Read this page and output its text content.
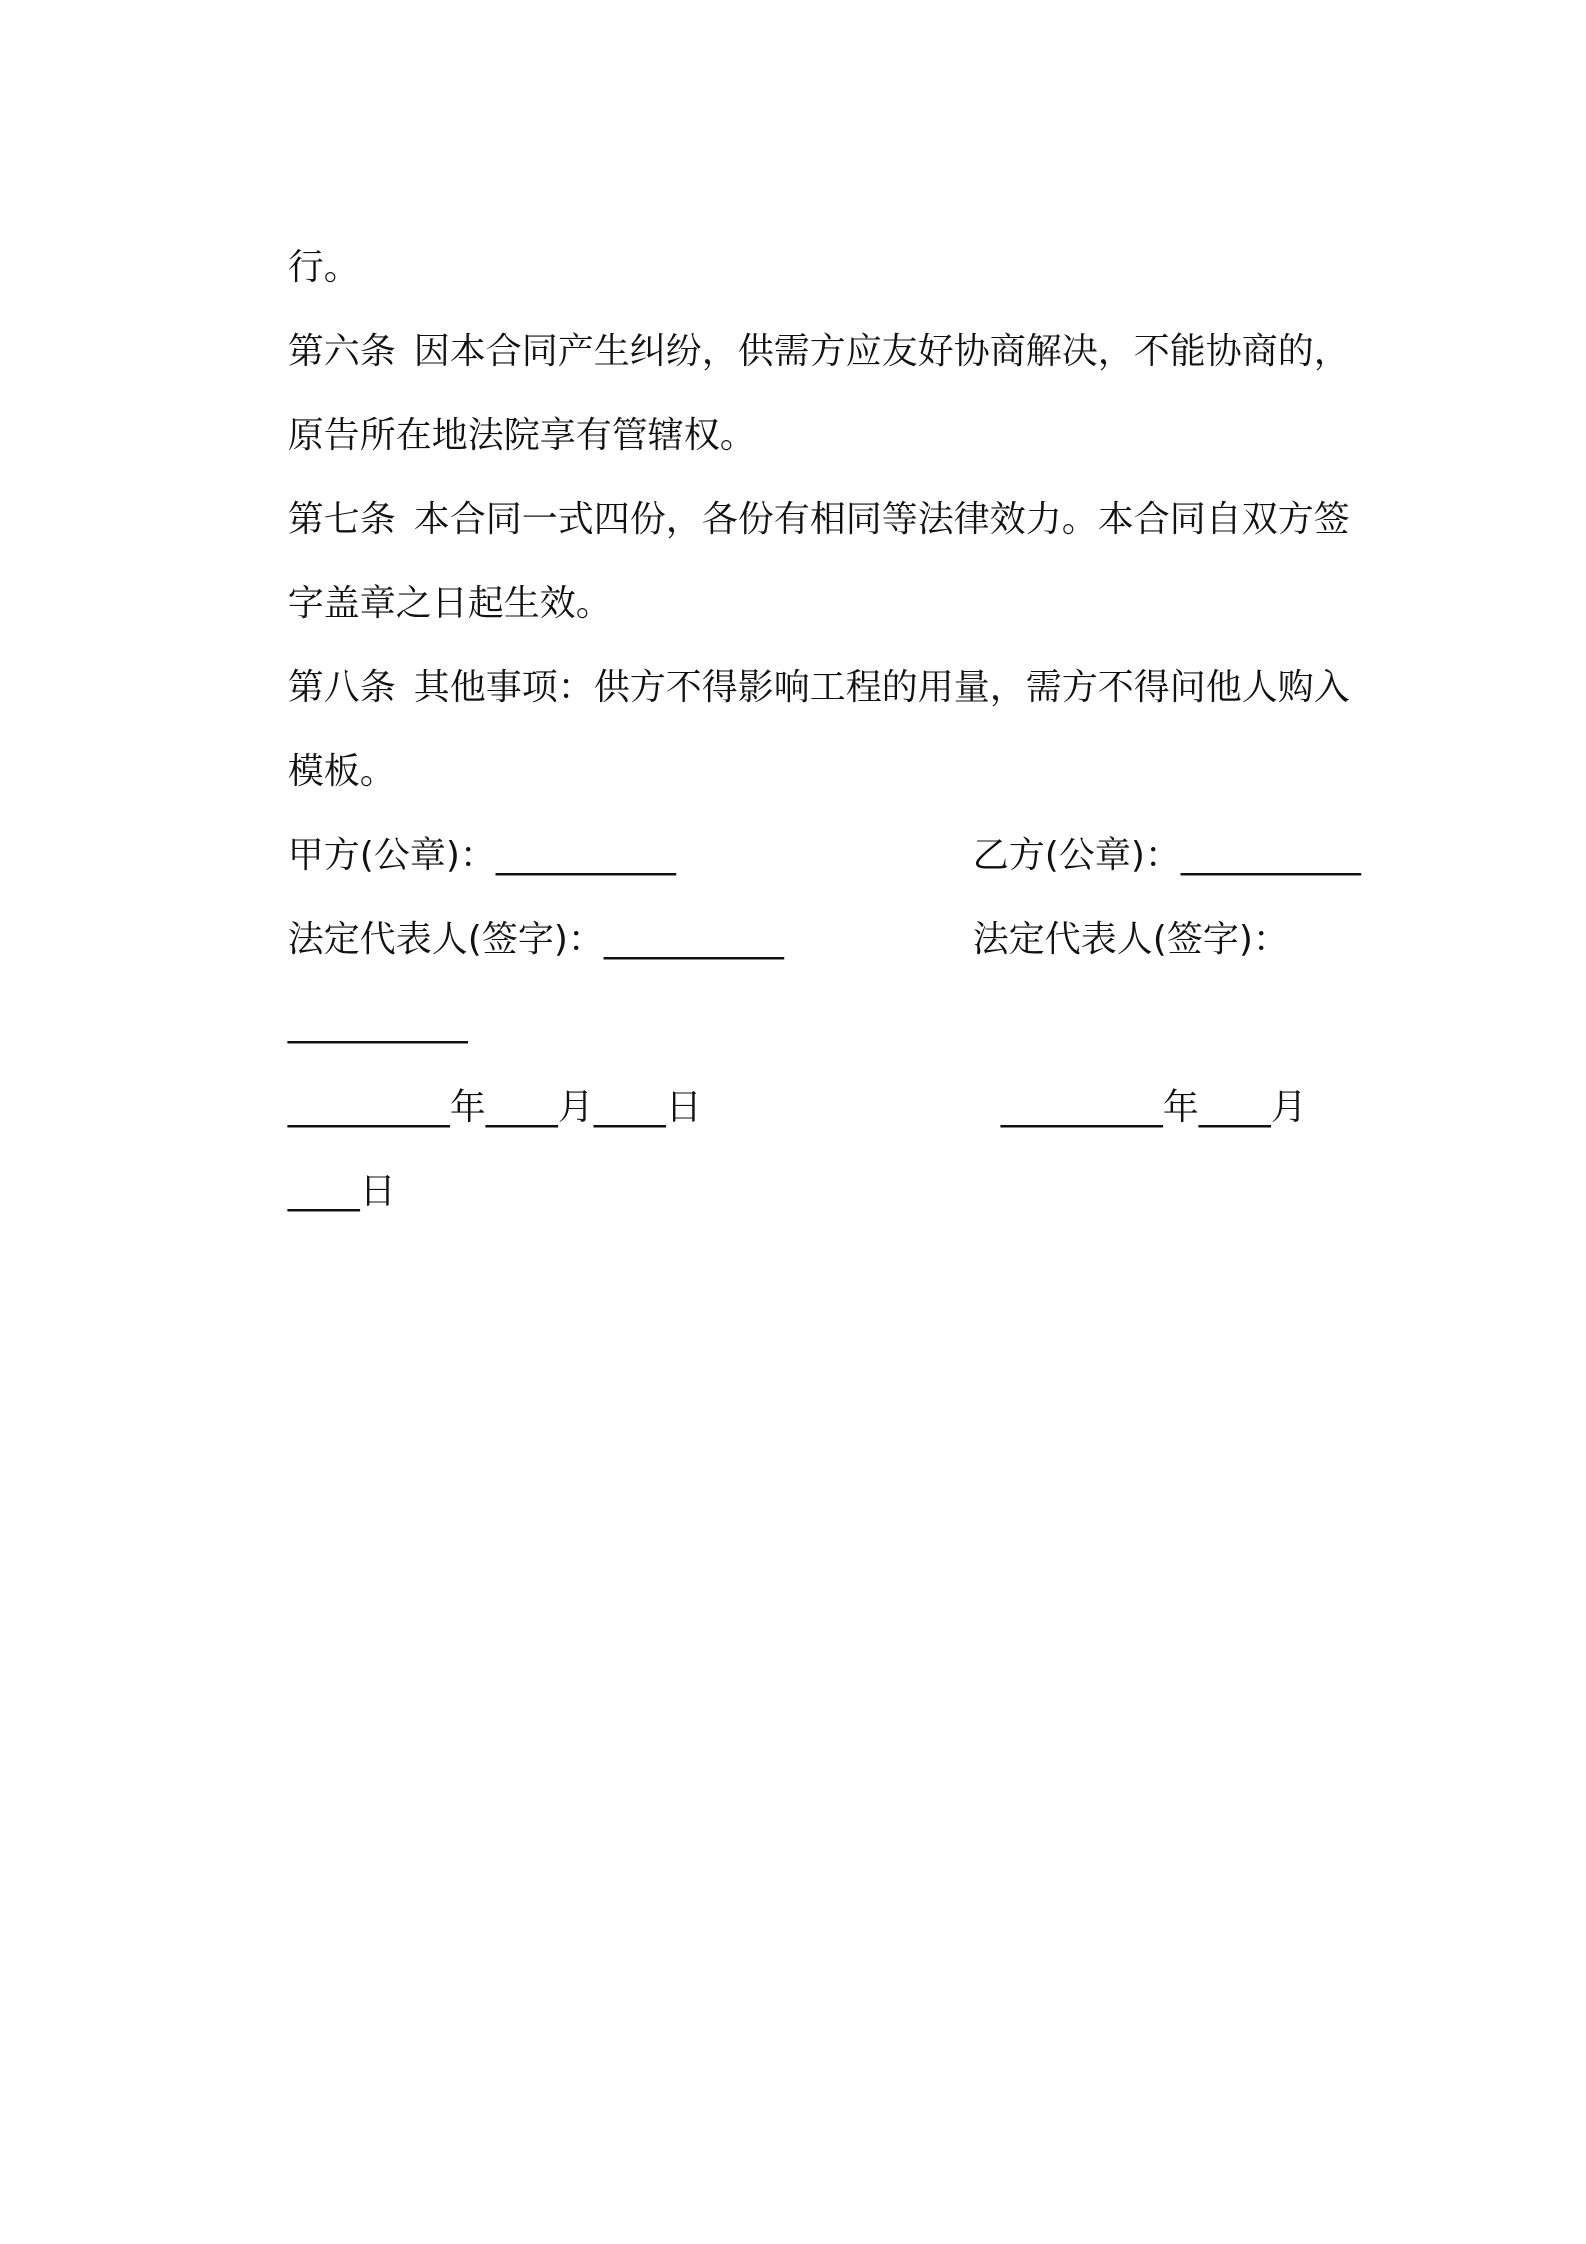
行。

第六条 因本合同产生纠纷，供需方应友好协商解决，不能协商的，

原告所在地法院享有管辖权。

第七条 本合同一式四份，各份有相同等法律效力。本合同自双方签

字盖章之日起生效。

第八条 其他事项：供方不得影响工程的用量，需方不得问他人购入

模板。

甲方(公章)：__________
	乙方(公章)：__________

法定代表人(签字)：__________
	法定代表人(签字)：

__________

_________年____月____日
	_________年____月

____日
